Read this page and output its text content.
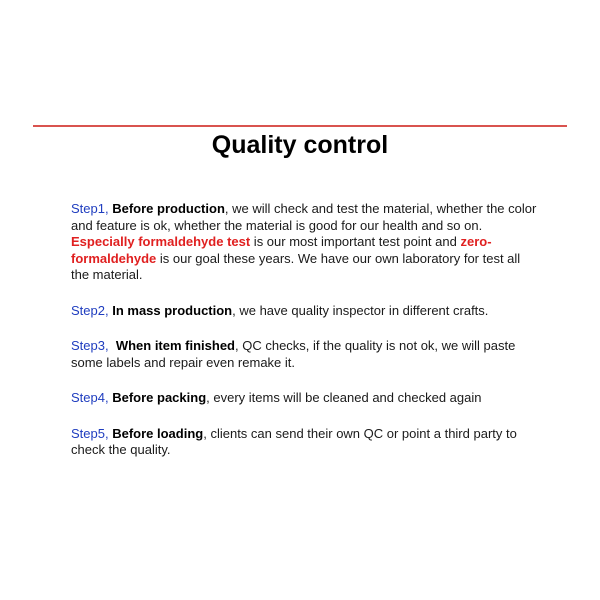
Quality control

Step1, Before production, we will check and test the material, whether the color and feature is ok, whether the material is good for our health and so on. Especially formaldehyde test is our most important test point and zero-formaldehyde is our goal these years. We have our own laboratory for test all the material.

Step2, In mass production, we have quality inspector in different crafts.

Step3, When item finished, QC checks, if the quality is not ok, we will paste some labels and repair even remake it.

Step4, Before packing, every items will be cleaned and checked again

Step5, Before loading, clients can send their own QC or point a third party to check the quality.
